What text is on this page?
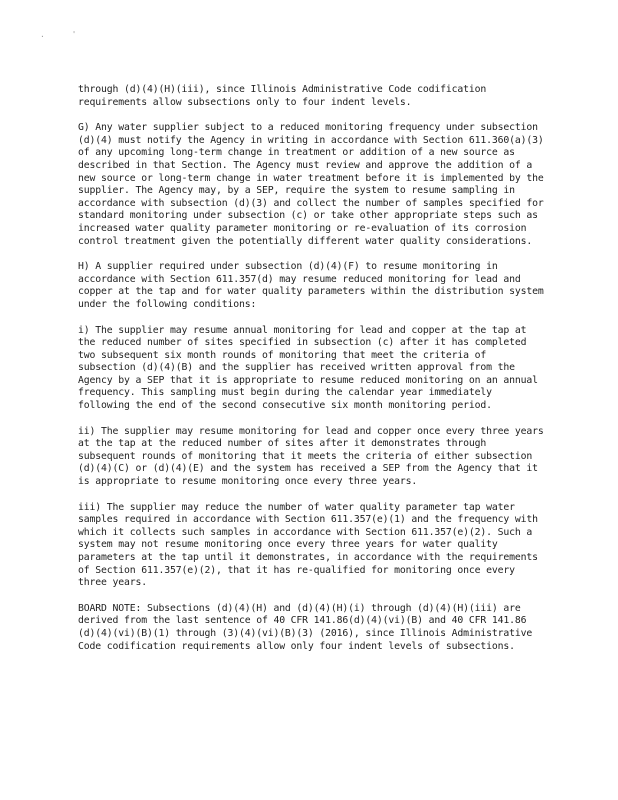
.	'

through (d)(4)(H)(iii), since Illinois Administrative Code codification requirements allow subsections only to four indent levels.

G) Any water supplier subject to a reduced monitoring frequency under subsection (d)(4) must notify the Agency in writing in accordance with Section 611.360(a)(3) of any upcoming long-term change in treatment or addition of a new source as described in that Section. The Agency must review and approve the addition of a new source or long-term change in water treatment before it is implemented by the supplier. The Agency may, by a SEP, require the system to resume sampling in accordance with subsection (d)(3) and collect the number of samples specified for standard monitoring under subsection (c) or take other appropriate steps such as increased water quality parameter monitoring or re-evaluation of its corrosion control treatment given the potentially different water quality considerations.

H) A supplier required under subsection (d)(4)(F) to resume monitoring in accordance with Section 611.357(d) may resume reduced monitoring for lead and copper at the tap and for water quality parameters within the distribution system under the following conditions:

i) The supplier may resume annual monitoring for lead and copper at the tap at the reduced number of sites specified in subsection (c) after it has completed two subsequent six month rounds of monitoring that meet the criteria of subsection (d)(4)(B) and the supplier has received written approval from the Agency by a SEP that it is appropriate to resume reduced monitoring on an annual frequency. This sampling must begin during the calendar year immediately following the end of the second consecutive six month monitoring period.

ii) The supplier may resume monitoring for lead and copper once every three years at the tap at the reduced number of sites after it demonstrates through subsequent rounds of monitoring that it meets the criteria of either subsection (d)(4)(C) or (d)(4)(E) and the system has received a SEP from the Agency that it is appropriate to resume monitoring once every three years.

iii) The supplier may reduce the number of water quality parameter tap water samples required in accordance with Section 611.357(e)(1) and the frequency with which it collects such samples in accordance with Section 611.357(e)(2). Such a system may not resume monitoring once every three years for water quality parameters at the tap until it demonstrates, in accordance with the requirements of Section 611.357(e)(2), that it has re-qualified for monitoring once every three years.

BOARD NOTE: Subsections (d)(4)(H) and (d)(4)(H)(i) through (d)(4)(H)(iii) are derived from the last sentence of 40 CFR 141.86(d)(4)(vi)(B) and 40 CFR 141.86 (d)(4)(vi)(B)(1) through (3)(4)(vi)(B)(3) (2016), since Illinois Administrative Code codification requirements allow only four indent levels of subsections.
